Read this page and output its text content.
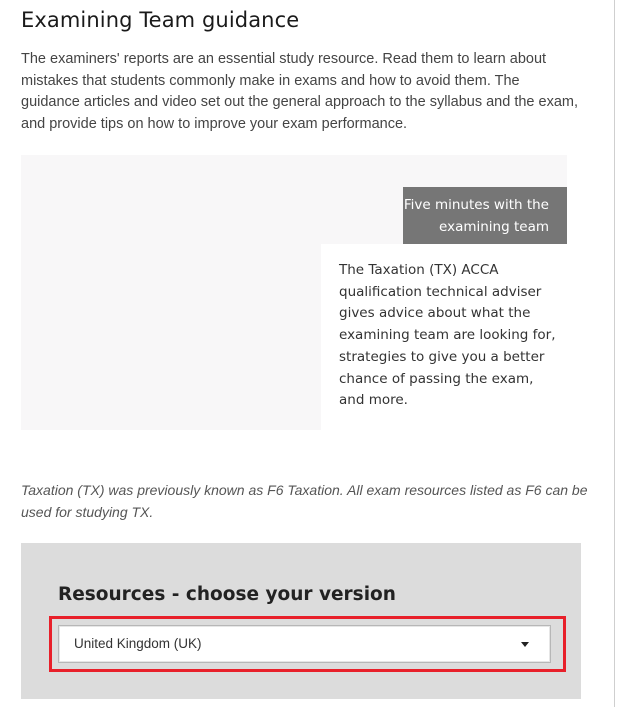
Examining Team guidance

The examiners' reports are an essential study resource. Read them to learn about mistakes that students commonly make in exams and how to avoid them. The guidance articles and video set out the general approach to the syllabus and the exam, and provide tips on how to improve your exam performance.

Five minutes with the examining team
The Taxation (TX) ACCA qualification technical adviser gives advice about what the examining team are looking for, strategies to give you a better chance of passing the exam, and more.

Taxation (TX) was previously known as F6 Taxation. All exam resources listed as F6 can be used for studying TX.

Resources - choose your version
United Kingdom (UK)
